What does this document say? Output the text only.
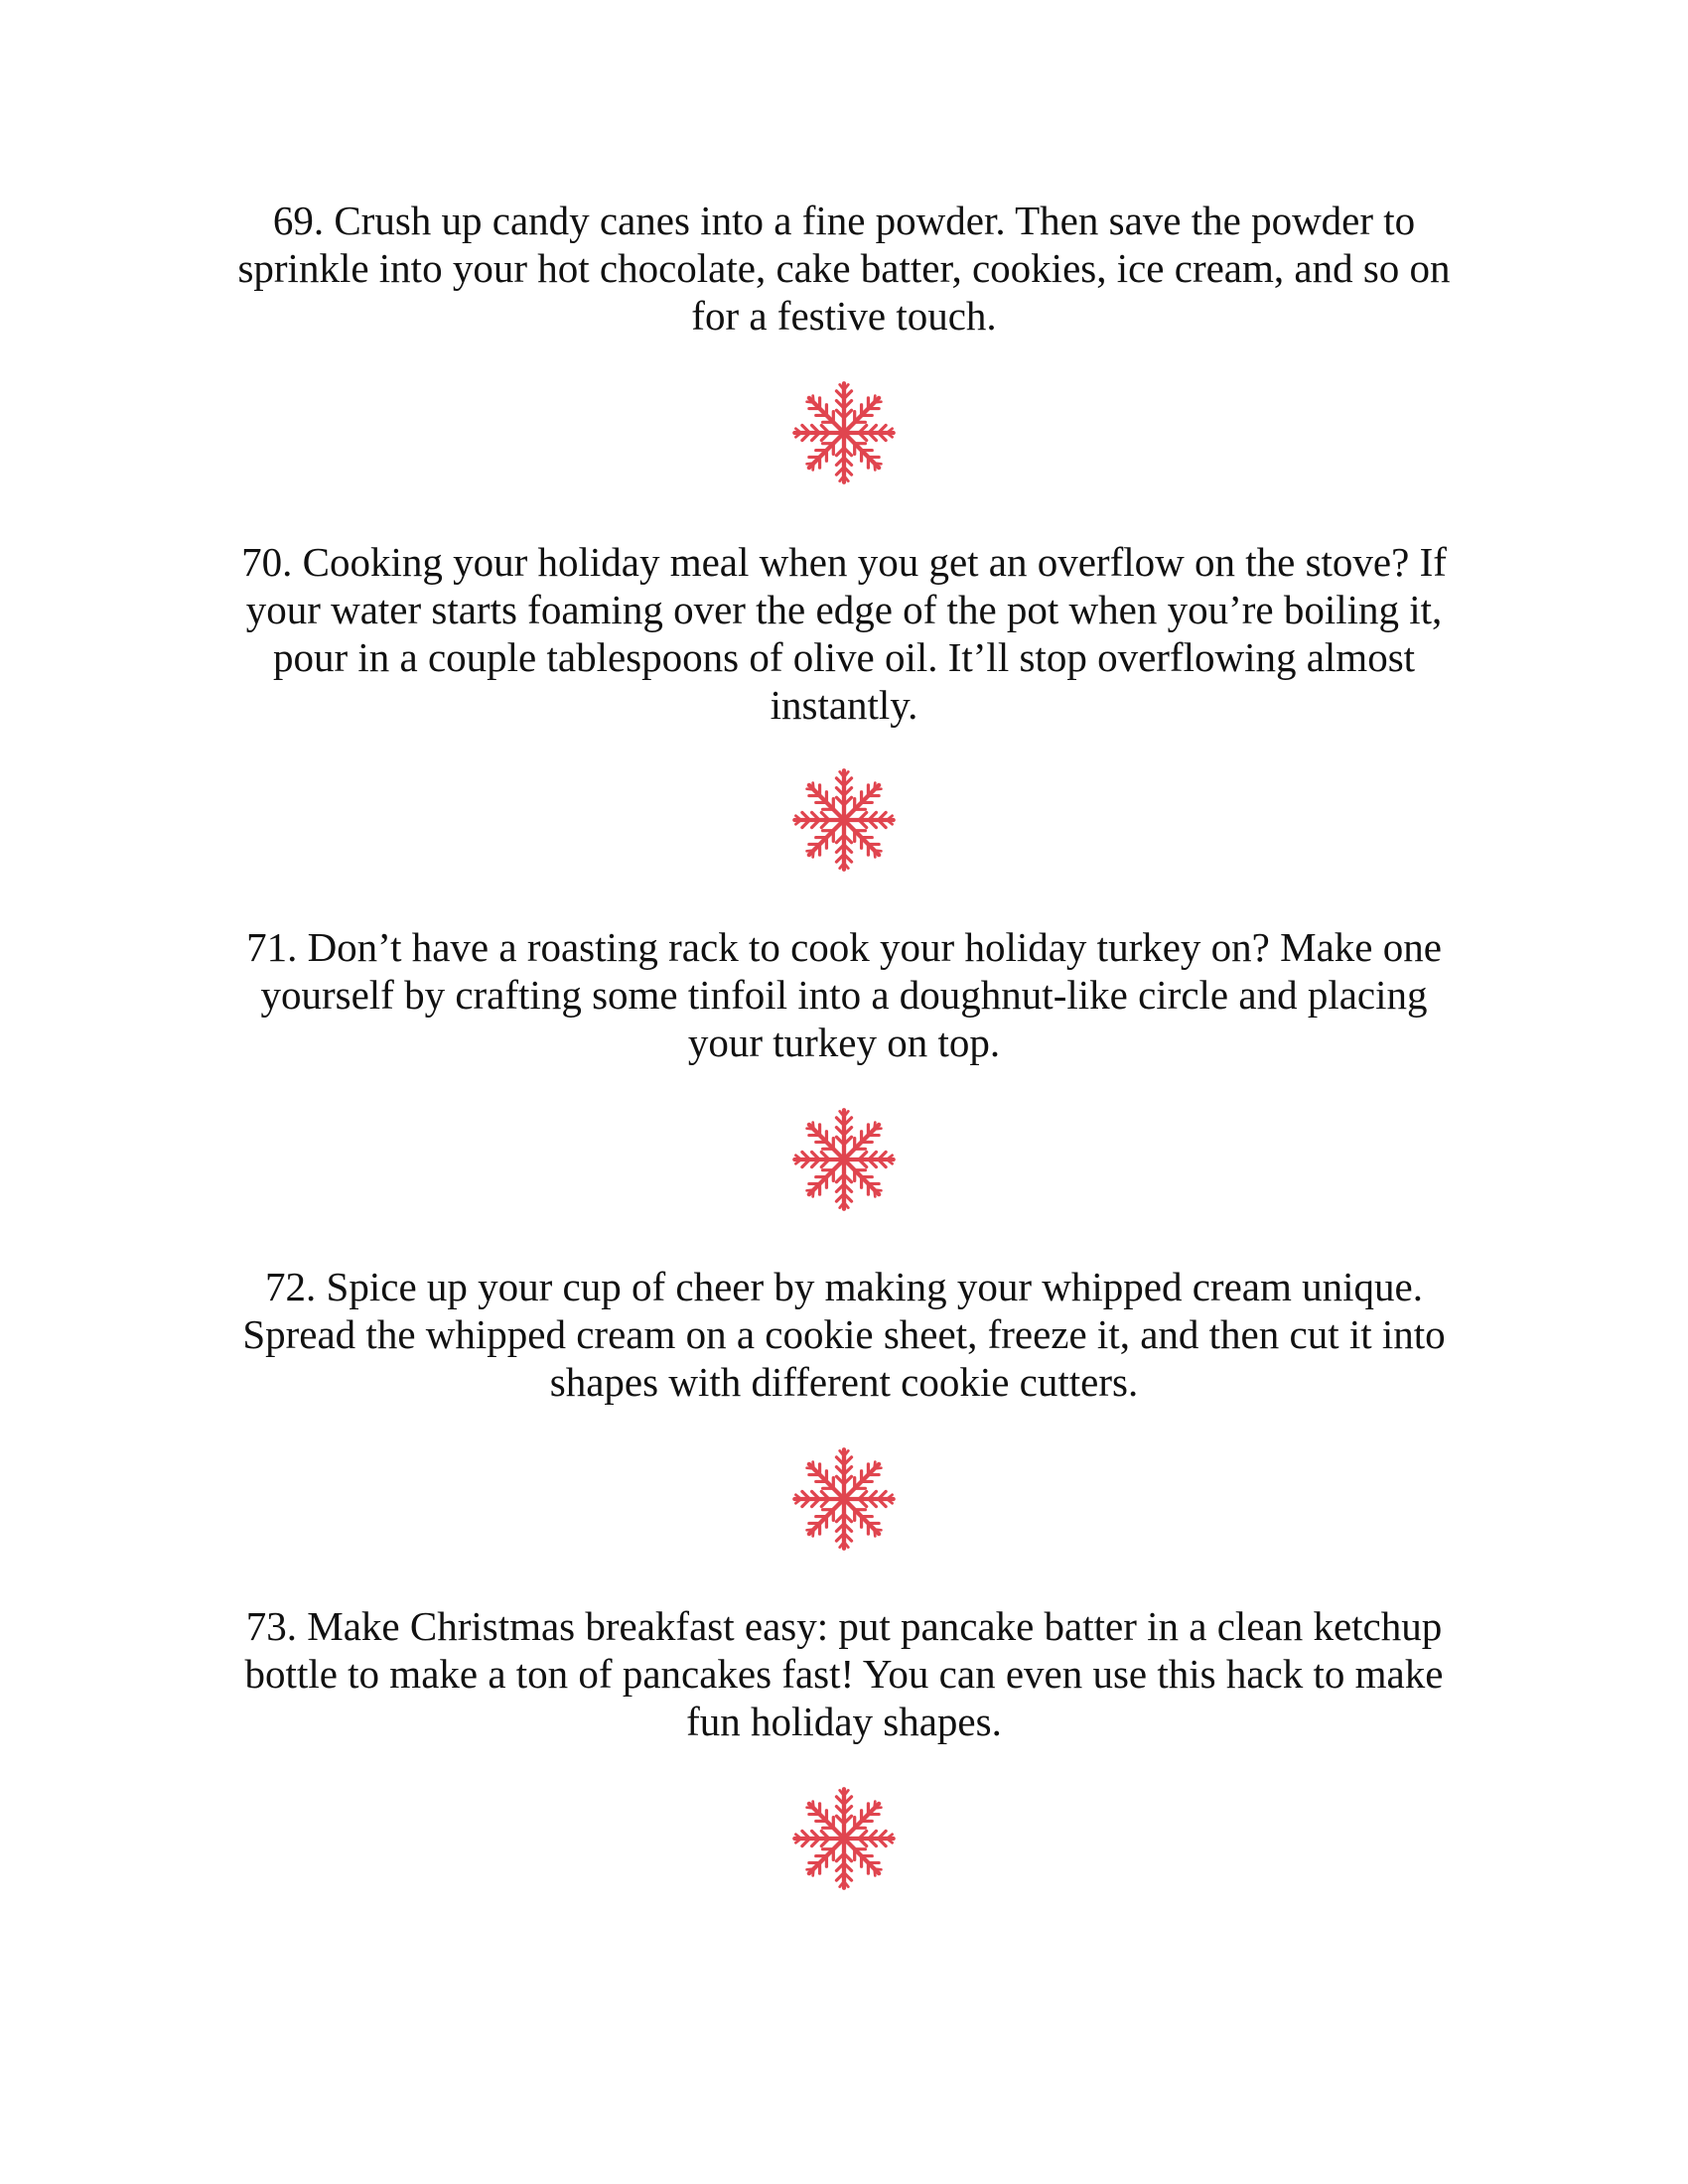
69. Crush up candy canes into a fine powder. Then save the powder to sprinkle into your hot chocolate, cake batter, cookies, ice cream, and so on for a festive touch.

70. Cooking your holiday meal when you get an overflow on the stove? If your water starts foaming over the edge of the pot when you’re boiling it, pour in a couple tablespoons of olive oil. It’ll stop overflowing almost instantly.

71. Don’t have a roasting rack to cook your holiday turkey on? Make one yourself by crafting some tinfoil into a doughnut-like circle and placing your turkey on top.

72. Spice up your cup of cheer by making your whipped cream unique. Spread the whipped cream on a cookie sheet, freeze it, and then cut it into shapes with different cookie cutters.

73. Make Christmas breakfast easy: put pancake batter in a clean ketchup bottle to make a ton of pancakes fast! You can even use this hack to make fun holiday shapes.
